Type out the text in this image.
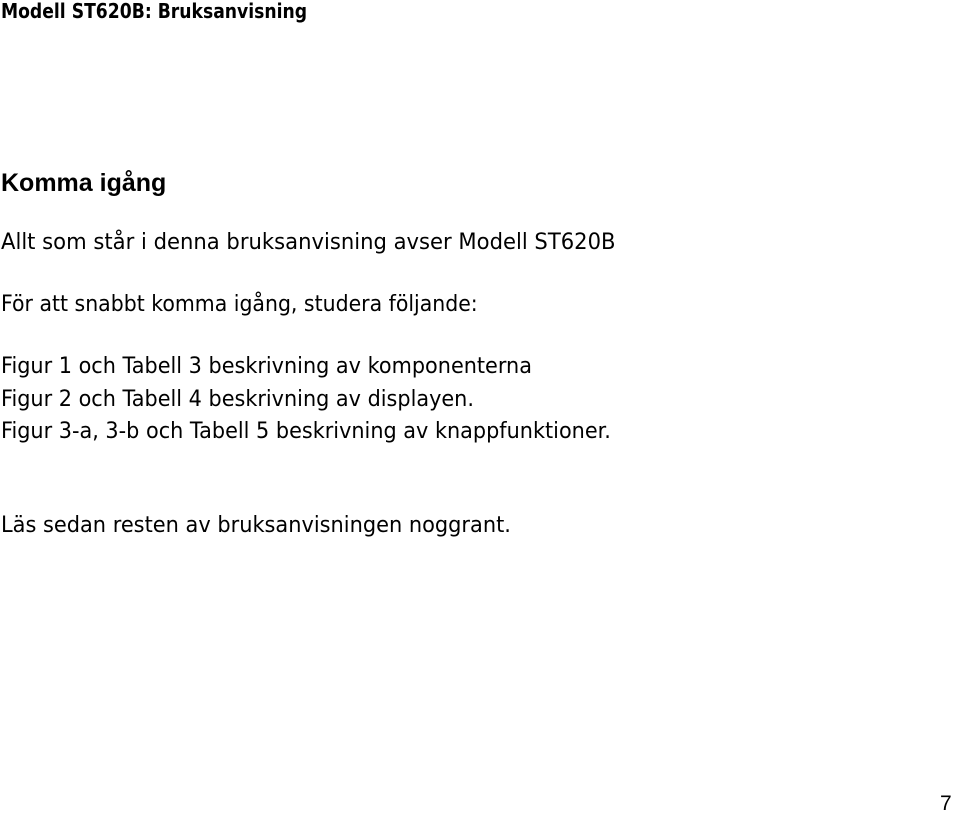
Modell ST620B: Bruksanvisning
Komma igång
Allt som står i denna bruksanvisning avser Modell ST620B
För att snabbt komma igång, studera följande:
Figur 1 och Tabell 3 beskrivning av komponenterna
Figur 2 och Tabell 4 beskrivning av displayen.
Figur 3-a, 3-b och Tabell 5 beskrivning av knappfunktioner.
Läs sedan resten av bruksanvisningen noggrant.
7
